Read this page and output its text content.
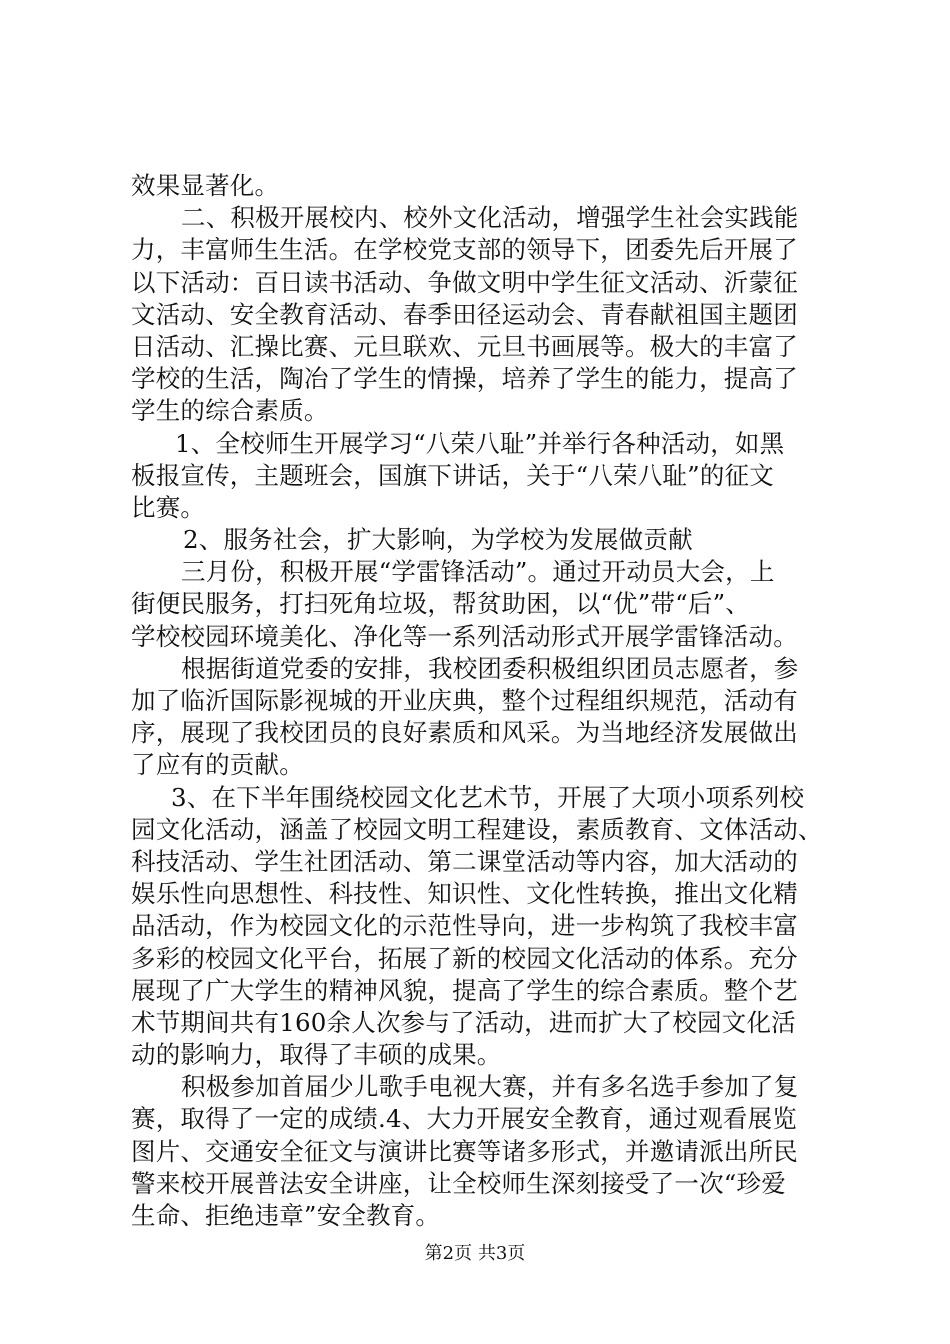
效果显著化。
二、积极开展校内、校外文化活动，增强学生社会实践能
力，丰富师生生活。在学校党支部的领导下，团委先后开展了
以下活动：百日读书活动、争做文明中学生征文活动、沂蒙征
文活动、安全教育活动、春季田径运动会、青春献祖国主题团
日活动、汇操比赛、元旦联欢、元旦书画展等。极大的丰富了
学校的生活，陶冶了学生的情操，培养了学生的能力，提高了
学生的综合素质。
1、全校师生开展学习“八荣八耻”并举行各种活动，如黑
板报宣传，主题班会，国旗下讲话，关于“八荣八耻”的征文
比赛。
2、服务社会，扩大影响，为学校为发展做贡献
三月份，积极开展“学雷锋活动”。通过开动员大会，上
街便民服务，打扫死角垃圾，帮贫助困，以“优”带“后”、
学校校园环境美化、净化等一系列活动形式开展学雷锋活动。
根据街道党委的安排，我校团委积极组织团员志愿者，参
加了临沂国际影视城的开业庆典，整个过程组织规范，活动有
序，展现了我校团员的良好素质和风采。为当地经济发展做出
了应有的贡献。
3、在下半年围绕校园文化艺术节，开展了大项小项系列校
园文化活动，涵盖了校园文明工程建设，素质教育、文体活动、
科技活动、学生社团活动、第二课堂活动等内容，加大活动的
娱乐性向思想性、科技性、知识性、文化性转换，推出文化精
品活动，作为校园文化的示范性导向，进一步构筑了我校丰富
多彩的校园文化平台，拓展了新的校园文化活动的体系。充分
展现了广大学生的精神风貌，提高了学生的综合素质。整个艺
术节期间共有160余人次参与了活动，进而扩大了校园文化活
动的影响力，取得了丰硕的成果。
积极参加首届少儿歌手电视大赛，并有多名选手参加了复
赛，取得了一定的成绩.4、大力开展安全教育，通过观看展览
图片、交通安全征文与演讲比赛等诸多形式，并邀请派出所民
警来校开展普法安全讲座，让全校师生深刻接受了一次“珍爱
生命、拒绝违章”安全教育。
第2页 共3页
